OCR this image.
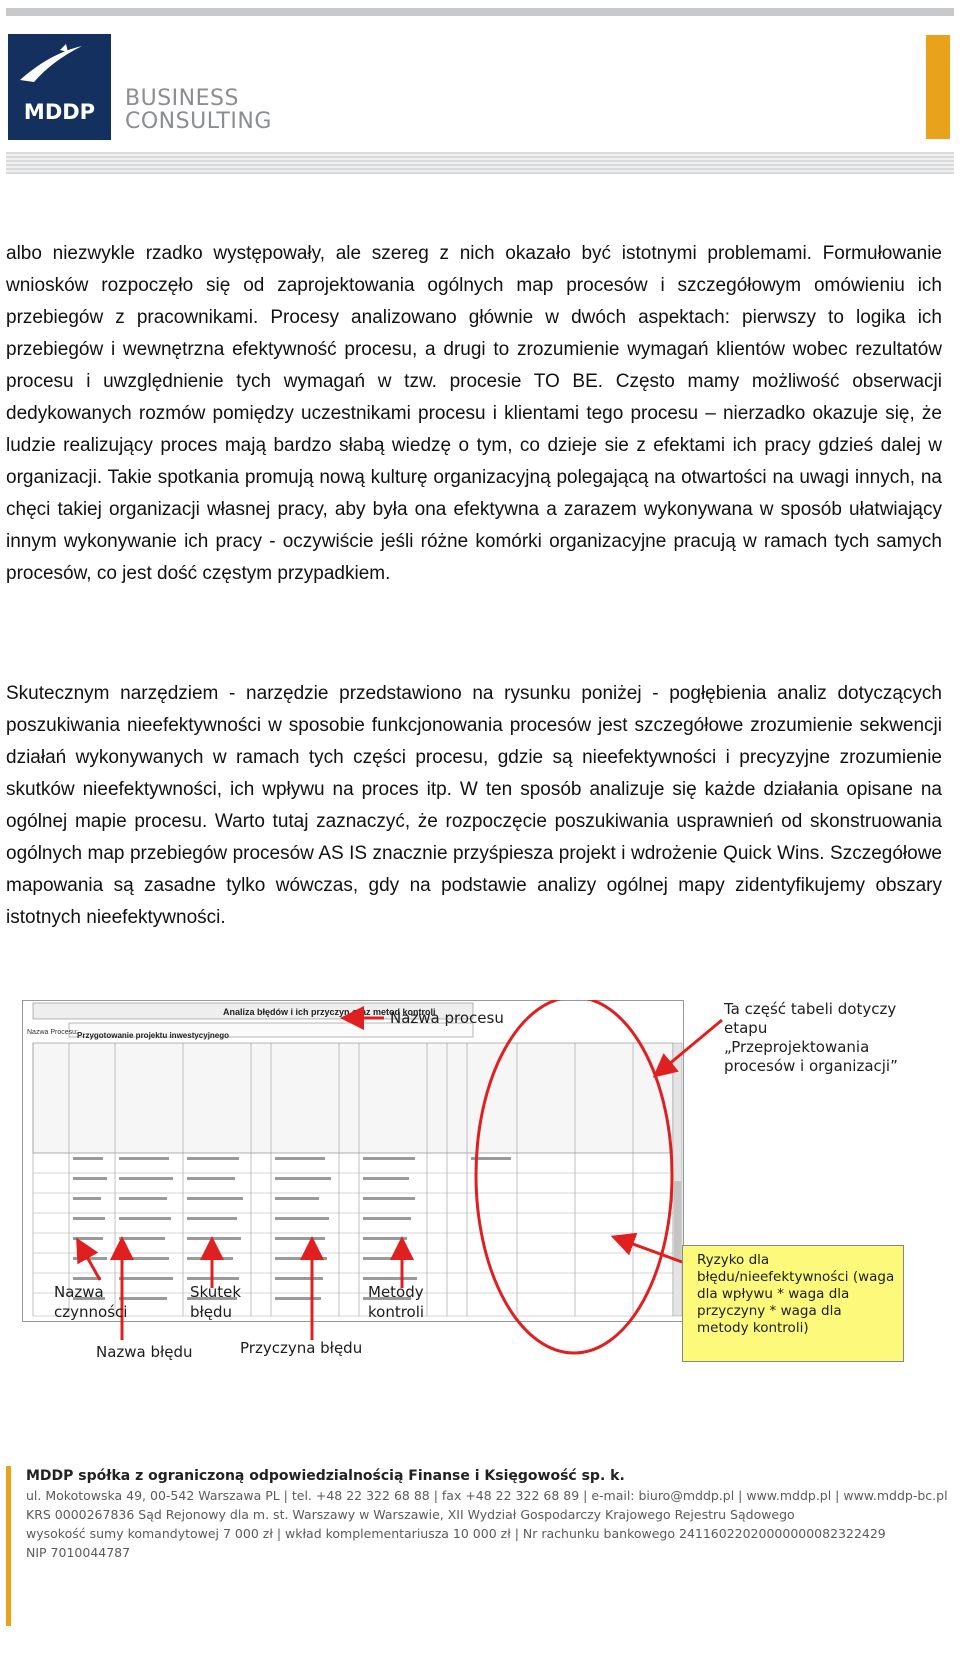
MDDP
BUSINESS
CONSULTING

albo niezwykle rzadko występowały, ale szereg z nich okazało być istotnymi problemami. Formułowanie wniosków rozpoczęło się od zaprojektowania ogólnych map procesów i szczegółowym omówieniu ich przebiegów z pracownikami. Procesy analizowano głównie w dwóch aspektach: pierwszy to logika ich przebiegów i wewnętrzna efektywność procesu, a drugi to zrozumienie wymagań klientów wobec rezultatów procesu i uwzględnienie tych wymagań w tzw. procesie TO BE. Często mamy możliwość obserwacji dedykowanych rozmów pomiędzy uczestnikami procesu i klientami tego procesu – nierzadko okazuje się, że ludzie realizujący proces mają bardzo słabą wiedzę o tym, co dzieje sie z efektami ich pracy gdzieś dalej w organizacji. Takie spotkania promują nową kulturę organizacyjną polegającą na otwartości na uwagi innych, na chęci takiej organizacji własnej pracy, aby była ona efektywna a zarazem wykonywana w sposób ułatwiający innym wykonywanie ich pracy - oczywiście jeśli różne komórki organizacyjne pracują w ramach tych samych procesów, co jest dość częstym przypadkiem.

Skutecznym narzędziem - narzędzie przedstawiono na rysunku poniżej - pogłębienia analiz dotyczących poszukiwania nieefektywności w sposobie funkcjonowania procesów jest szczegółowe zrozumienie sekwencji działań wykonywanych w ramach tych części procesu, gdzie są nieefektywności i precyzyjne zrozumienie skutków nieefektywności, ich wpływu na proces itp. W ten sposób analizuje się każde działania opisane na ogólnej mapie procesu. Warto tutaj zaznaczyć, że rozpoczęcie poszukiwania usprawnień od skonstruowania ogólnych map przebiegów procesów AS IS znacznie przyśpiesza projekt i wdrożenie Quick Wins. Szczegółowe mapowania są zasadne tylko wówczas, gdy na podstawie analizy ogólnej mapy zidentyfikujemy obszary istotnych nieefektywności.

Analiza błędów i ich przyczyn oraz metod kontroli
Nazwa Procesu: Przygotowanie projektu inwestycyjnego
Nazwa procesu	Ta część tabeli dotyczy etapu „Przeprojektowania procesów i organizacji”
Ryzyko dla błędu/nieefektywności (waga dla wpływu * waga dla przyczyny * waga dla metody kontroli)
Nazwa czynności
Skutek błędu
Metody kontroli
Nazwa błędu	Przyczyna błędu
MDDP spółka z ograniczoną odpowiedzialnością Finanse i Księgowość sp. k.
ul. Mokotowska 49, 00-542 Warszawa PL | tel. +48 22 322 68 88 | fax +48 22 322 68 89 | e-mail: biuro@mddp.pl | www.mddp.pl | www.mddp-bc.pl
KRS 0000267836 Sąd Rejonowy dla m. st. Warszawy w Warszawie, XII Wydział Gospodarczy Krajowego Rejestru Sądowego
wysokość sumy komandytowej 7 000 zł | wkład komplementariusza 10 000 zł | Nr rachunku bankowego 24116022020000000082322429
NIP 7010044787
